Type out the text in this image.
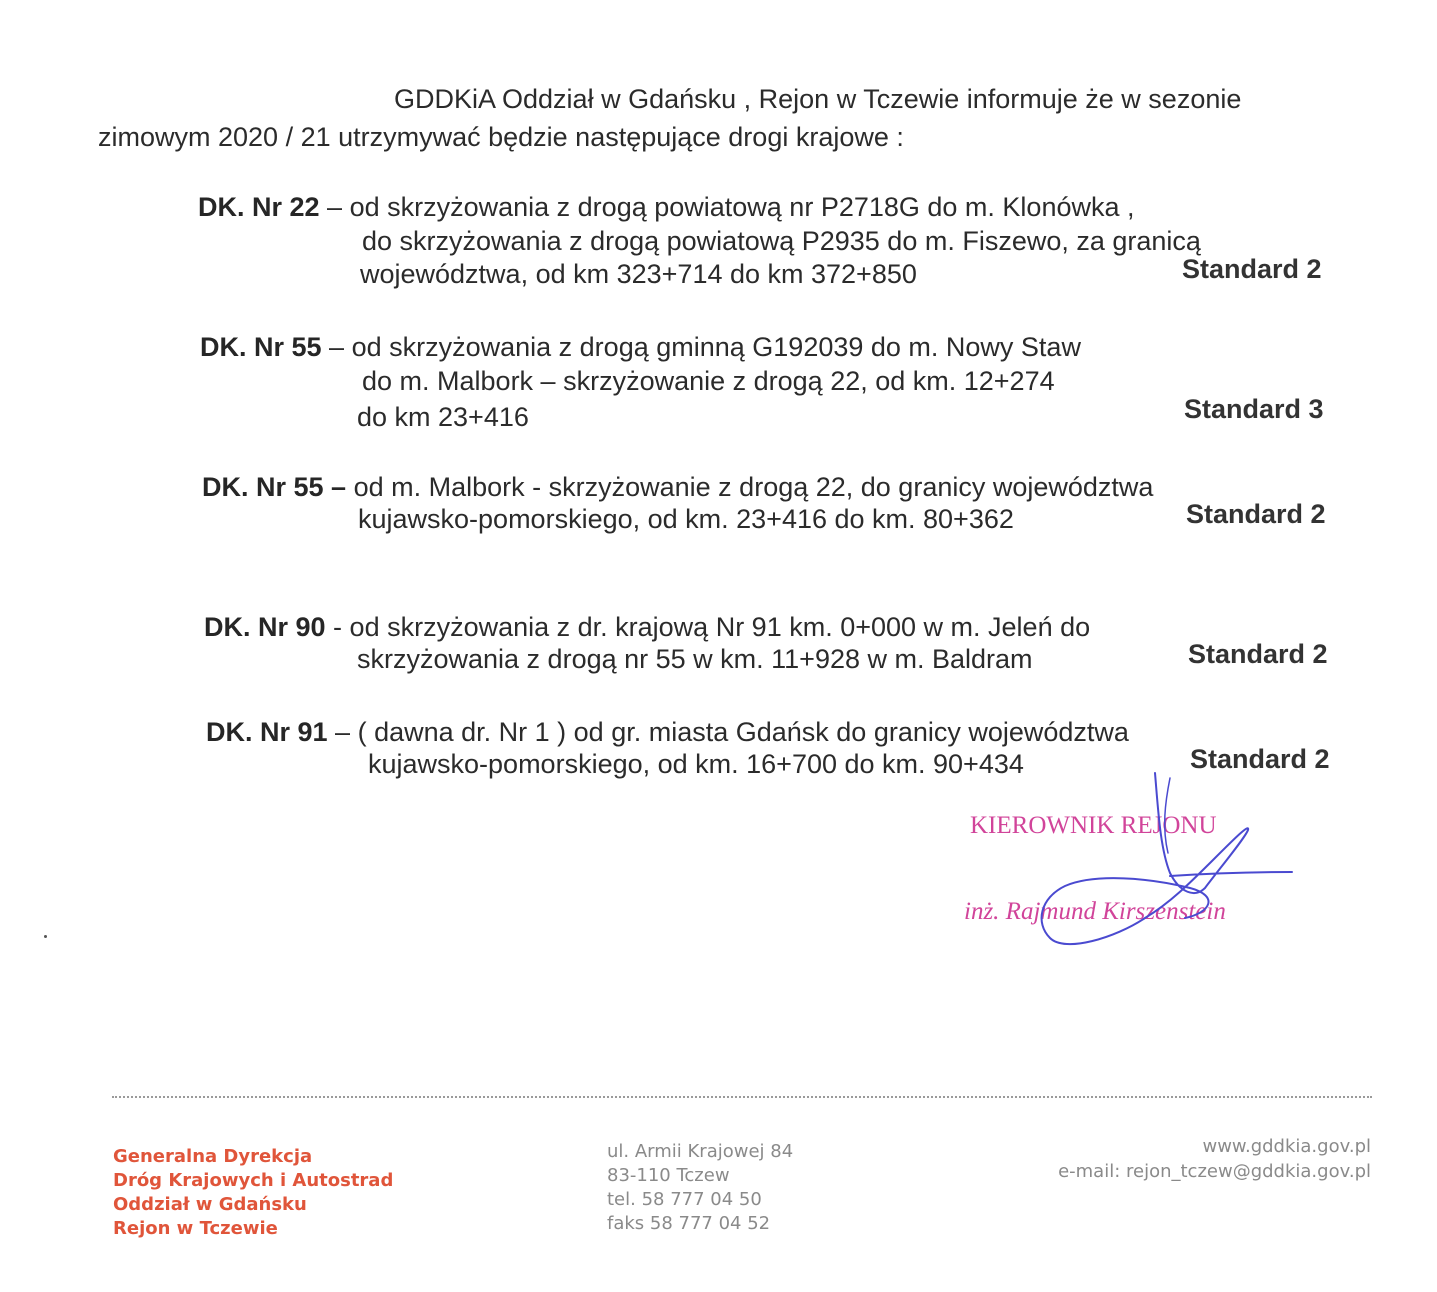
GDDKiA Oddział w Gdańsku , Rejon w Tczewie informuje że w sezonie
zimowym 2020 / 21 utrzymywać będzie następujące drogi krajowe :
DK. Nr 22 – od skrzyżowania z drogą powiatową nr P2718G do m. Klonówka ,
do skrzyżowania z drogą powiatową P2935 do m. Fiszewo, za granicą
województwa, od km 323+714 do km 372+850	Standard 2
DK. Nr 55 – od skrzyżowania z drogą gminną G192039 do m. Nowy Staw
do m. Malbork – skrzyżowanie z drogą 22, od km. 12+274
do km 23+416	Standard 3
DK. Nr 55 – od m. Malbork - skrzyżowanie z drogą 22, do granicy województwa
kujawsko-pomorskiego, od km. 23+416 do km. 80+362	Standard 2
DK. Nr 90 - od skrzyżowania z dr. krajową Nr 91 km. 0+000 w m. Jeleń do
skrzyżowania z drogą nr 55 w km. 11+928 w m. Baldram	Standard 2
DK. Nr 91 – ( dawna dr. Nr 1 ) od gr. miasta Gdańsk do granicy województwa
kujawsko-pomorskiego, od km. 16+700 do km. 90+434	Standard 2
KIEROWNIK REJONU
inż. Rajmund Kirszenstein
Generalna Dyrekcja
Dróg Krajowych i Autostrad
Oddział w Gdańsku
Rejon w Tczewie
ul. Armii Krajowej 84
83-110 Tczew
tel. 58 777 04 50
faks 58 777 04 52
www.gddkia.gov.pl
e-mail: rejon_tczew@gddkia.gov.pl
